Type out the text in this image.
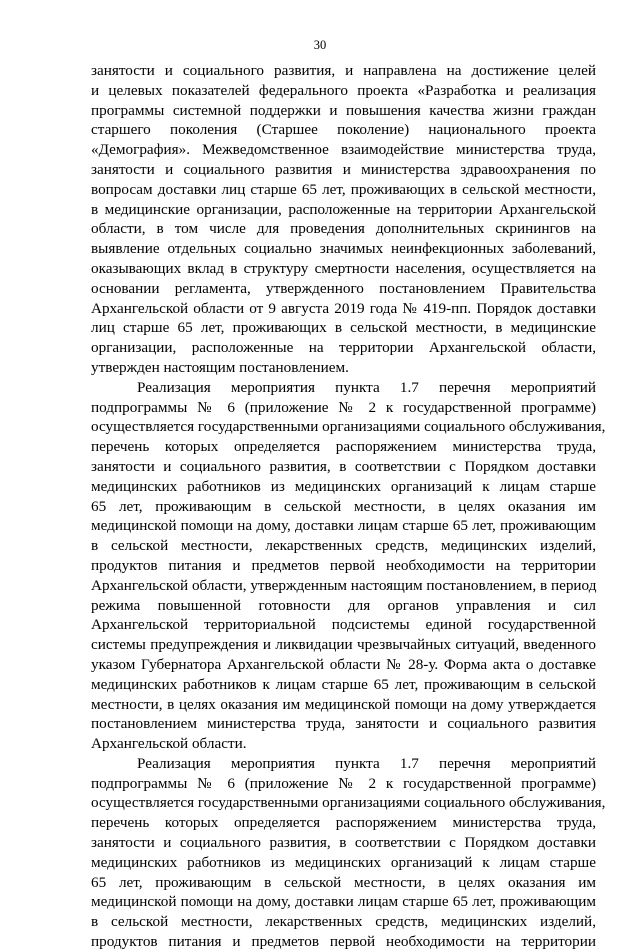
30
занятости и социального развития, и направлена на достижение целей
и целевых показателей федерального проекта «Разработка и реализация
программы системной поддержки и повышения качества жизни граждан
старшего поколения (Старшее поколение) национального проекта
«Демография». Межведомственное взаимодействие министерства труда,
занятости и социального развития и министерства здравоохранения по
вопросам доставки лиц старше 65 лет, проживающих в сельской местности,
в медицинские организации, расположенные на территории Архангельской
области, в том числе для проведения дополнительных скринингов на
выявление отдельных социально значимых неинфекционных заболеваний,
оказывающих вклад в структуру смертности населения, осуществляется на
основании регламента, утвержденного постановлением Правительства
Архангельской области от 9 августа 2019 года № 419-пп. Порядок доставки
лиц старше 65 лет, проживающих в сельской местности, в медицинские
организации, расположенные на территории Архангельской области,
утвержден настоящим постановлением.
Реализация мероприятия пункта 1.7 перечня мероприятий
подпрограммы № 6 (приложение № 2 к государственной программе)
осуществляется государственными организациями социального обслуживания,
перечень которых определяется распоряжением министерства труда,
занятости и социального развития, в соответствии с Порядком доставки
медицинских работников из медицинских организаций к лицам старше
65 лет, проживающим в сельской местности, в целях оказания им
медицинской помощи на дому, доставки лицам старше 65 лет, проживающим
в сельской местности, лекарственных средств, медицинских изделий,
продуктов питания и предметов первой необходимости на территории
Архангельской области, утвержденным настоящим постановлением, в период
режима повышенной готовности для органов управления и сил
Архангельской территориальной подсистемы единой государственной
системы предупреждения и ликвидации чрезвычайных ситуаций, введенного
указом Губернатора Архангельской области № 28-у. Форма акта о доставке
медицинских работников к лицам старше 65 лет, проживающим в сельской
местности, в целях оказания им медицинской помощи на дому утверждается
постановлением министерства труда, занятости и социального развития
Архангельской области.
Реализация мероприятия пункта 1.7 перечня мероприятий
подпрограммы № 6 (приложение № 2 к государственной программе)
осуществляется государственными организациями социального обслуживания,
перечень которых определяется распоряжением министерства труда,
занятости и социального развития, в соответствии с Порядком доставки
медицинских работников из медицинских организаций к лицам старше
65 лет, проживающим в сельской местности, в целях оказания им
медицинской помощи на дому, доставки лицам старше 65 лет, проживающим
в сельской местности, лекарственных средств, медицинских изделий,
продуктов питания и предметов первой необходимости на территории
